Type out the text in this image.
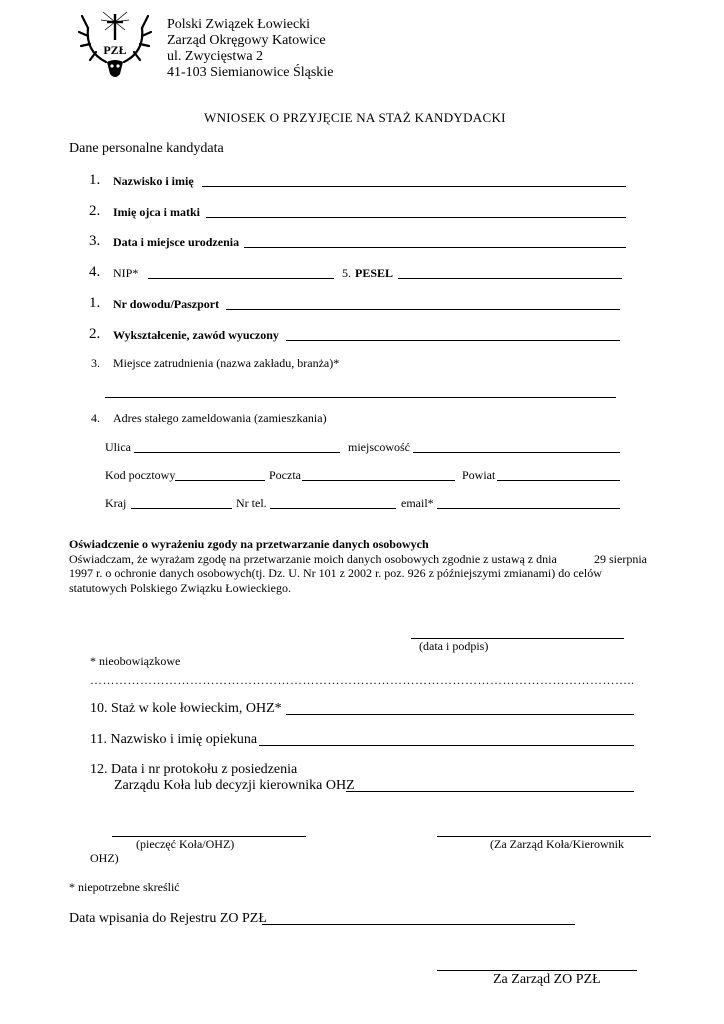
PZŁ
Polski Związek Łowiecki
Zarząd Okręgowy Katowice
ul. Zwycięstwa 2
41-103 Siemianowice Śląskie
WNIOSEK O PRZYJĘCIE NA STAŻ KANDYDACKI
Dane personalne kandydata
1. Nazwisko i imię
2. Imię ojca i matki
3. Data i miejsce urodzenia
4. NIP*	5. PESEL
1. Nr dowodu/Paszport
2. Wykształcenie, zawód wyuczony
3. Miejsce zatrudnienia (nazwa zakładu, branża)*
4. Adres stałego zameldowania (zamieszkania)
Ulica	miejscowość
Kod pocztowy	Poczta	Powiat
Kraj	Nr tel.	email*
Oświadczenie o wyrażeniu zgody na przetwarzanie danych osobowych
Oświadczam, że wyrażam zgodę na przetwarzanie moich danych osobowych zgodnie z ustawą z dnia	29 sierpnia
1997 r. o ochronie danych osobowych(tj. Dz. U. Nr 101 z 2002 r. poz. 926 z późniejszymi zmianami) do celów
statutowych Polskiego Związku Łowieckiego.
(data i podpis)
* nieobowiązkowe
…………………………………………………………………………………………………………………..
10. Staż w kole łowieckim, OHZ*
11. Nazwisko i imię opiekuna
12. Data i nr protokołu z posiedzenia
Zarządu Koła lub decyzji kierownika OHZ
(pieczęć Koła/OHZ)	(Za Zarząd Koła/Kierownik
OHZ)
* niepotrzebne skreślić
Data wpisania do Rejestru ZO PZŁ
Za Zarząd ZO PZŁ
